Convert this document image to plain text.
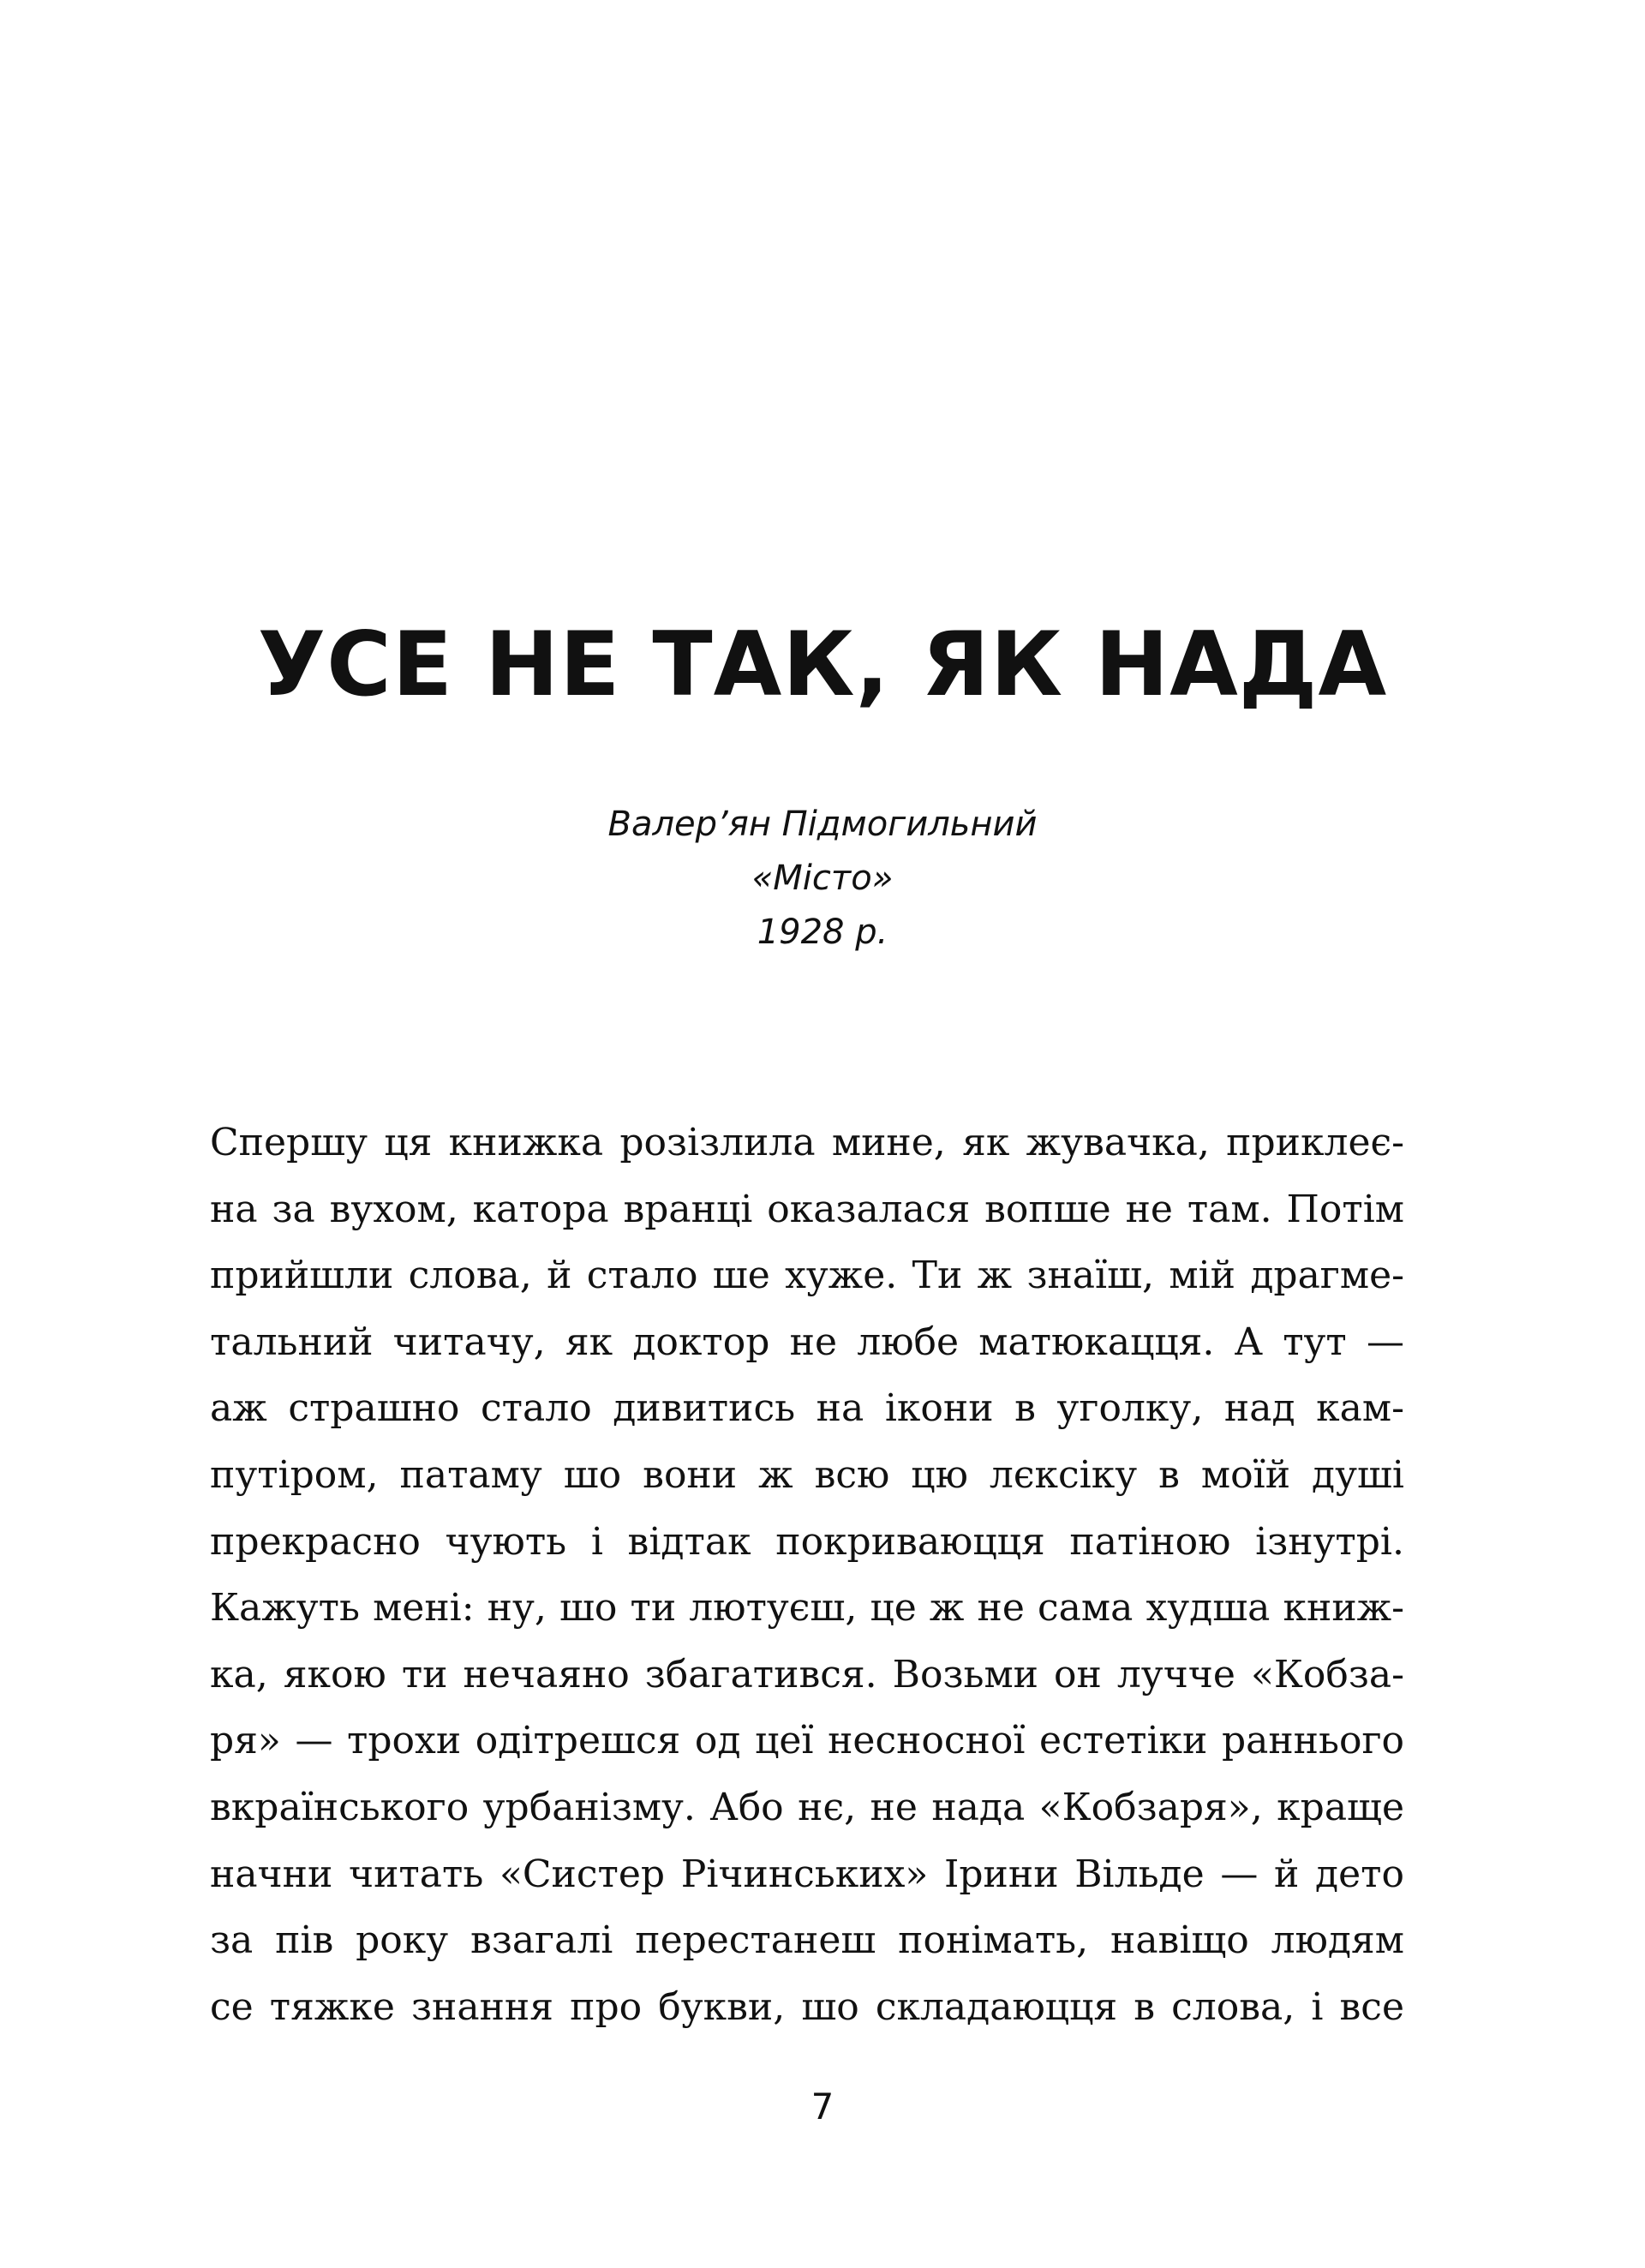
УСЕ НЕ ТАК, ЯК НАДА
Валер’ян Підмогильний
«Місто»
1928 р.
Спершу ця книжка розізлила мине, як жувачка, приклеє-
на за вухом, катора вранці оказалася вопше не там. Потім
прийшли слова, й стало ше хуже. Ти ж знаїш, мій драгме-
тальний читачу, як доктор не любе матюкацця. А тут —
аж страшно стало дивитись на ікони в уголку, над кам-
путіром, патаму шо вони ж всю цю лєксіку в моїй душі
прекрасно чують і відтак покриваюцця патіною ізнутрі.
Кажуть мені: ну, шо ти лютуєш, це ж не сама худша книж-
ка, якою ти нечаяно збагатився. Возьми он лучче «Кобза-
ря» — трохи одітрешся од цеї несносної естетіки раннього
вкраїнського урбанізму. Або нє, не нада «Кобзаря», краще
начни читать «Систер Річинських» Ірини Вільде — й дето
за пів року взагалі перестанеш понімать, навіщо людям
се тяжке знання про букви, шо складаюцця в слова, і все
7
